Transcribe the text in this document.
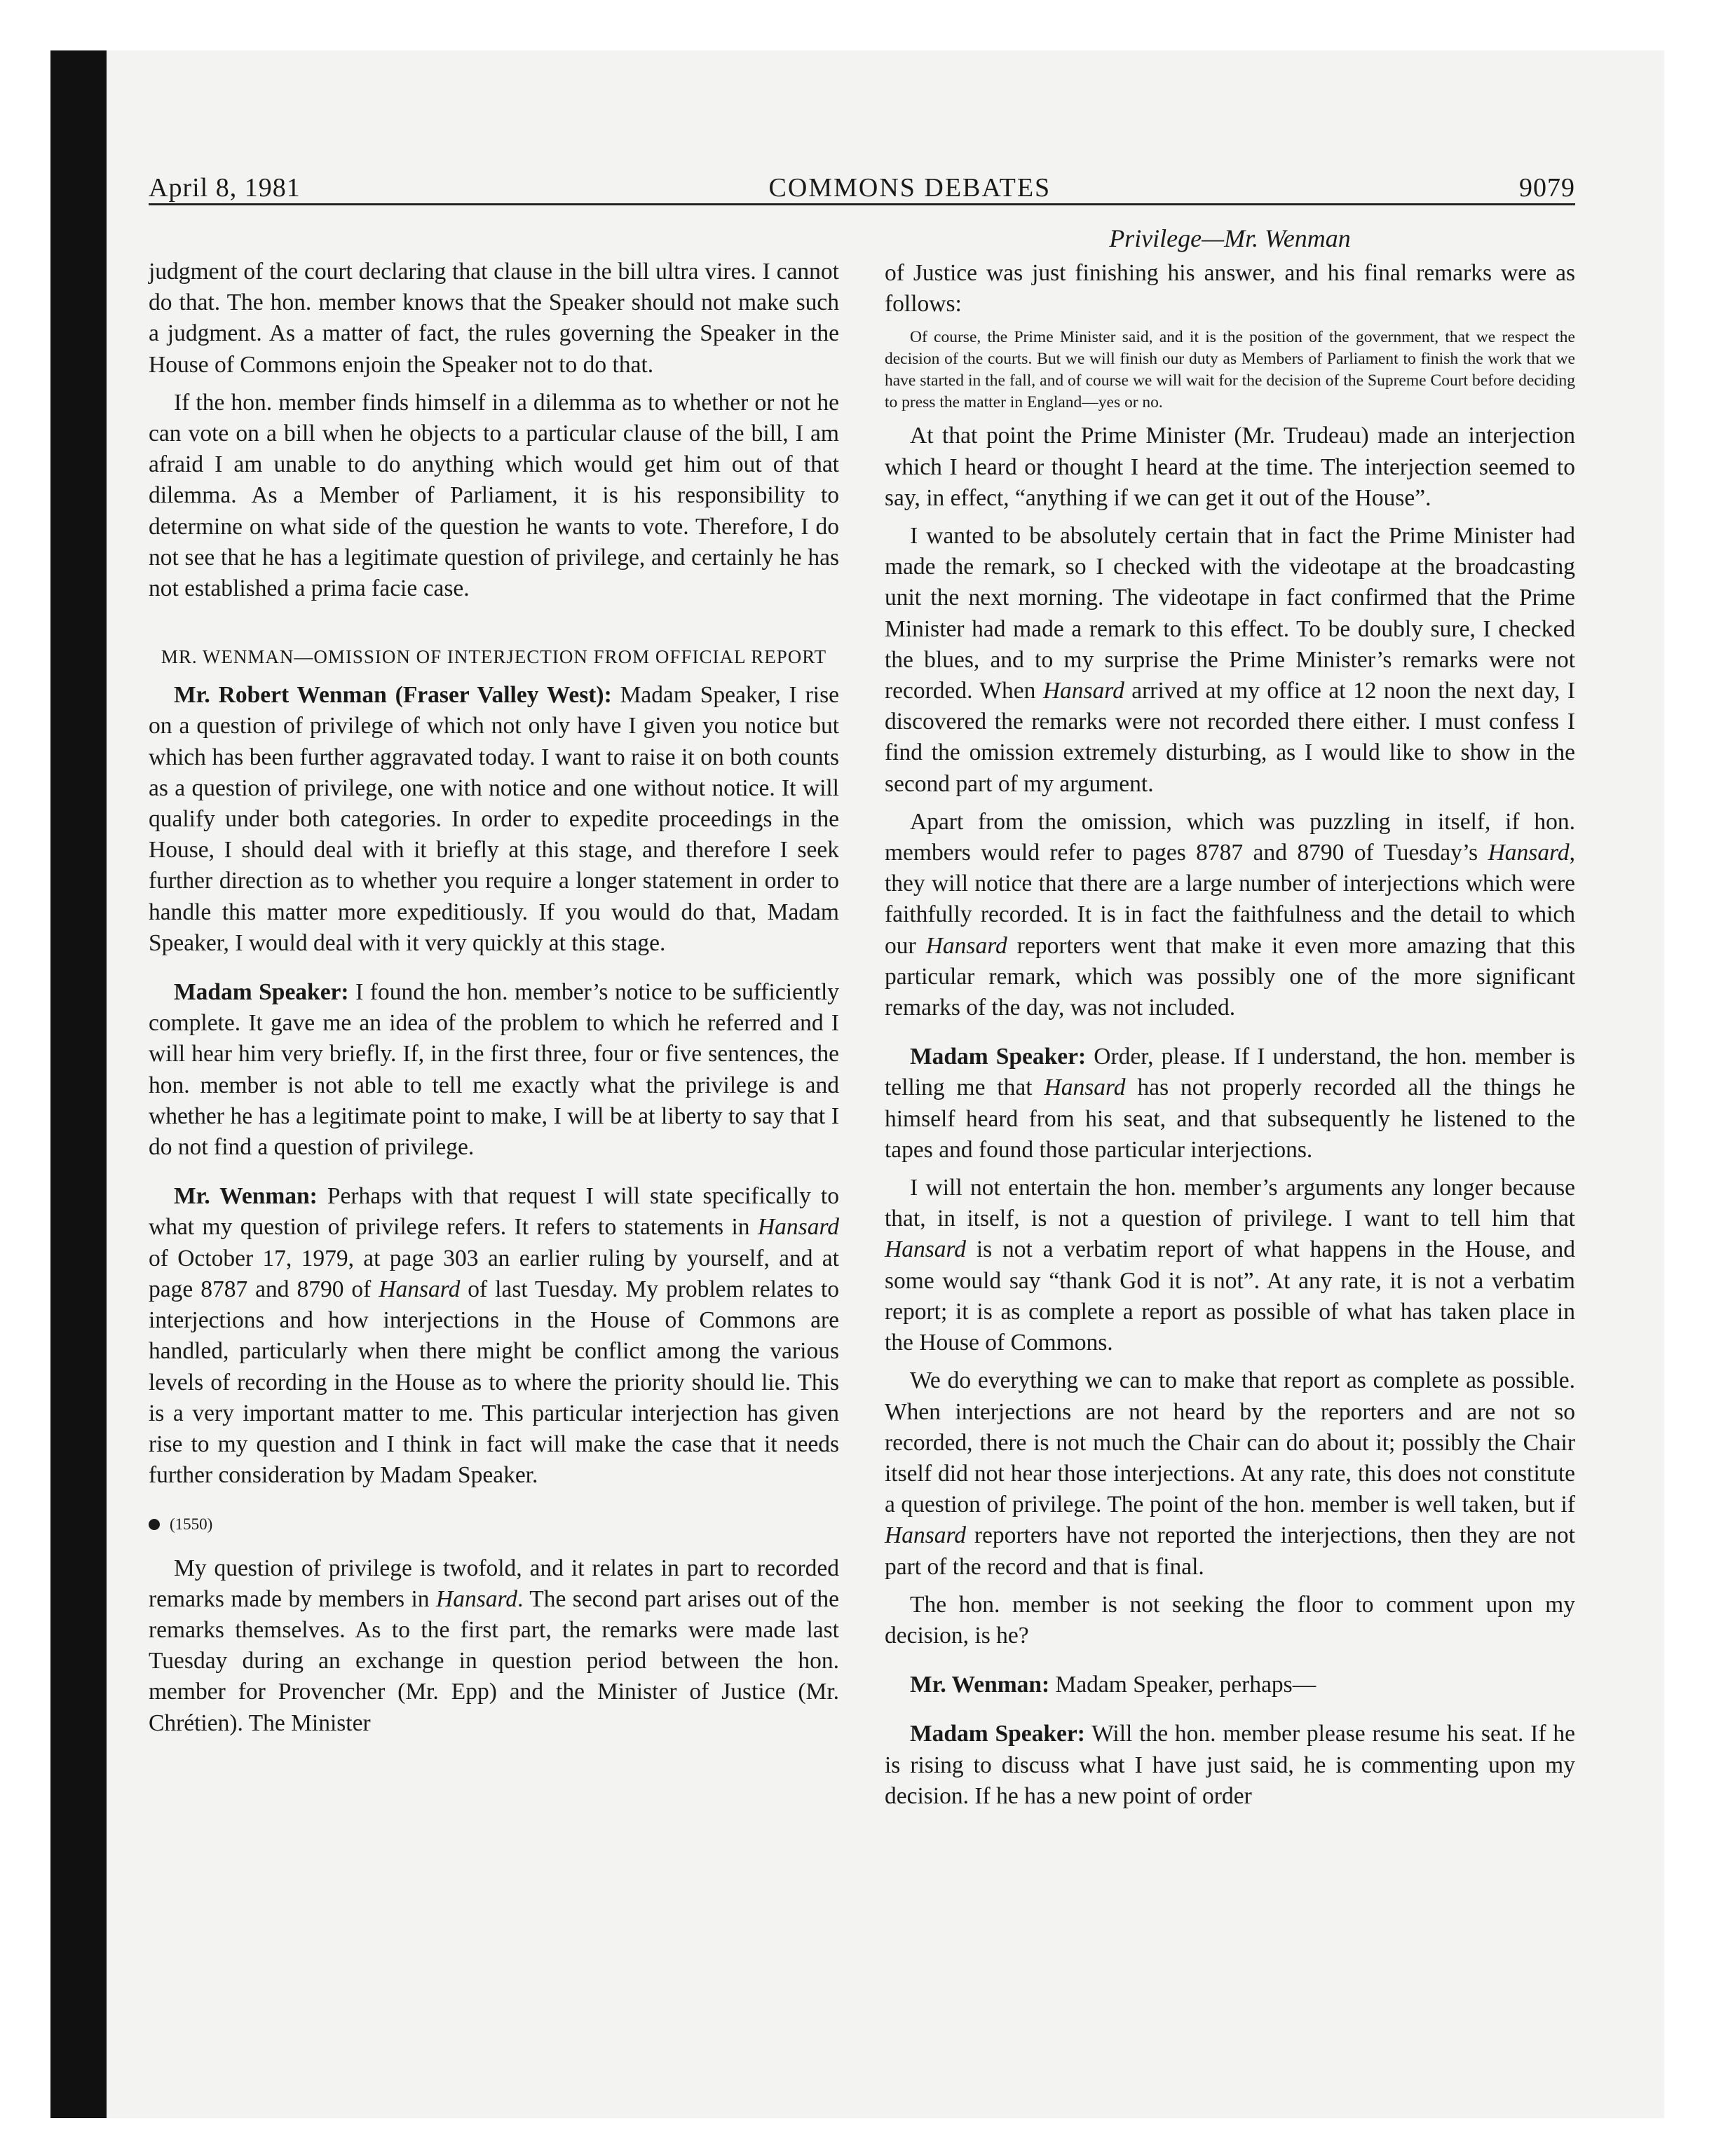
April 8, 1981	COMMONS DEBATES	9079

judgment of the court declaring that clause in the bill ultra vires. I cannot do that. The hon. member knows that the Speaker should not make such a judgment. As a matter of fact, the rules governing the Speaker in the House of Commons enjoin the Speaker not to do that.

If the hon. member finds himself in a dilemma as to whether or not he can vote on a bill when he objects to a particular clause of the bill, I am afraid I am unable to do anything which would get him out of that dilemma. As a Member of Parliament, it is his responsibility to determine on what side of the question he wants to vote. Therefore, I do not see that he has a legitimate question of privilege, and certainly he has not established a prima facie case.

MR. WENMAN—OMISSION OF INTERJECTION FROM OFFICIAL REPORT

Mr. Robert Wenman (Fraser Valley West): Madam Speaker, I rise on a question of privilege of which not only have I given you notice but which has been further aggravated today. I want to raise it on both counts as a question of privilege, one with notice and one without notice. It will qualify under both categories. In order to expedite proceedings in the House, I should deal with it briefly at this stage, and therefore I seek further direction as to whether you require a longer statement in order to handle this matter more expeditiously. If you would do that, Madam Speaker, I would deal with it very quickly at this stage.

Madam Speaker: I found the hon. member’s notice to be sufficiently complete. It gave me an idea of the problem to which he referred and I will hear him very briefly. If, in the first three, four or five sentences, the hon. member is not able to tell me exactly what the privilege is and whether he has a legitimate point to make, I will be at liberty to say that I do not find a question of privilege.

Mr. Wenman: Perhaps with that request I will state specifically to what my question of privilege refers. It refers to statements in Hansard of October 17, 1979, at page 303 an earlier ruling by yourself, and at page 8787 and 8790 of Hansard of last Tuesday. My problem relates to interjections and how interjections in the House of Commons are handled, particularly when there might be conflict among the various levels of recording in the House as to where the priority should lie. This is a very important matter to me. This particular interjection has given rise to my question and I think in fact will make the case that it needs further consideration by Madam Speaker.

(1550)

My question of privilege is twofold, and it relates in part to recorded remarks made by members in Hansard. The second part arises out of the remarks themselves. As to the first part, the remarks were made last Tuesday during an exchange in question period between the hon. member for Provencher (Mr. Epp) and the Minister of Justice (Mr. Chrétien). The Minister

Privilege—Mr. Wenman

of Justice was just finishing his answer, and his final remarks were as follows:

Of course, the Prime Minister said, and it is the position of the government, that we respect the decision of the courts. But we will finish our duty as Members of Parliament to finish the work that we have started in the fall, and of course we will wait for the decision of the Supreme Court before deciding to press the matter in England—yes or no.

At that point the Prime Minister (Mr. Trudeau) made an interjection which I heard or thought I heard at the time. The interjection seemed to say, in effect, “anything if we can get it out of the House”.

I wanted to be absolutely certain that in fact the Prime Minister had made the remark, so I checked with the videotape at the broadcasting unit the next morning. The videotape in fact confirmed that the Prime Minister had made a remark to this effect. To be doubly sure, I checked the blues, and to my surprise the Prime Minister’s remarks were not recorded. When Hansard arrived at my office at 12 noon the next day, I discovered the remarks were not recorded there either. I must confess I find the omission extremely disturbing, as I would like to show in the second part of my argument.

Apart from the omission, which was puzzling in itself, if hon. members would refer to pages 8787 and 8790 of Tuesday’s Hansard, they will notice that there are a large number of interjections which were faithfully recorded. It is in fact the faithfulness and the detail to which our Hansard reporters went that make it even more amazing that this particular remark, which was possibly one of the more significant remarks of the day, was not included.

Madam Speaker: Order, please. If I understand, the hon. member is telling me that Hansard has not properly recorded all the things he himself heard from his seat, and that subsequently he listened to the tapes and found those particular interjections.

I will not entertain the hon. member’s arguments any longer because that, in itself, is not a question of privilege. I want to tell him that Hansard is not a verbatim report of what happens in the House, and some would say “thank God it is not”. At any rate, it is not a verbatim report; it is as complete a report as possible of what has taken place in the House of Commons.

We do everything we can to make that report as complete as possible. When interjections are not heard by the reporters and are not so recorded, there is not much the Chair can do about it; possibly the Chair itself did not hear those interjections. At any rate, this does not constitute a question of privilege. The point of the hon. member is well taken, but if Hansard reporters have not reported the interjections, then they are not part of the record and that is final.

The hon. member is not seeking the floor to comment upon my decision, is he?

Mr. Wenman: Madam Speaker, perhaps—

Madam Speaker: Will the hon. member please resume his seat. If he is rising to discuss what I have just said, he is commenting upon my decision. If he has a new point of order
